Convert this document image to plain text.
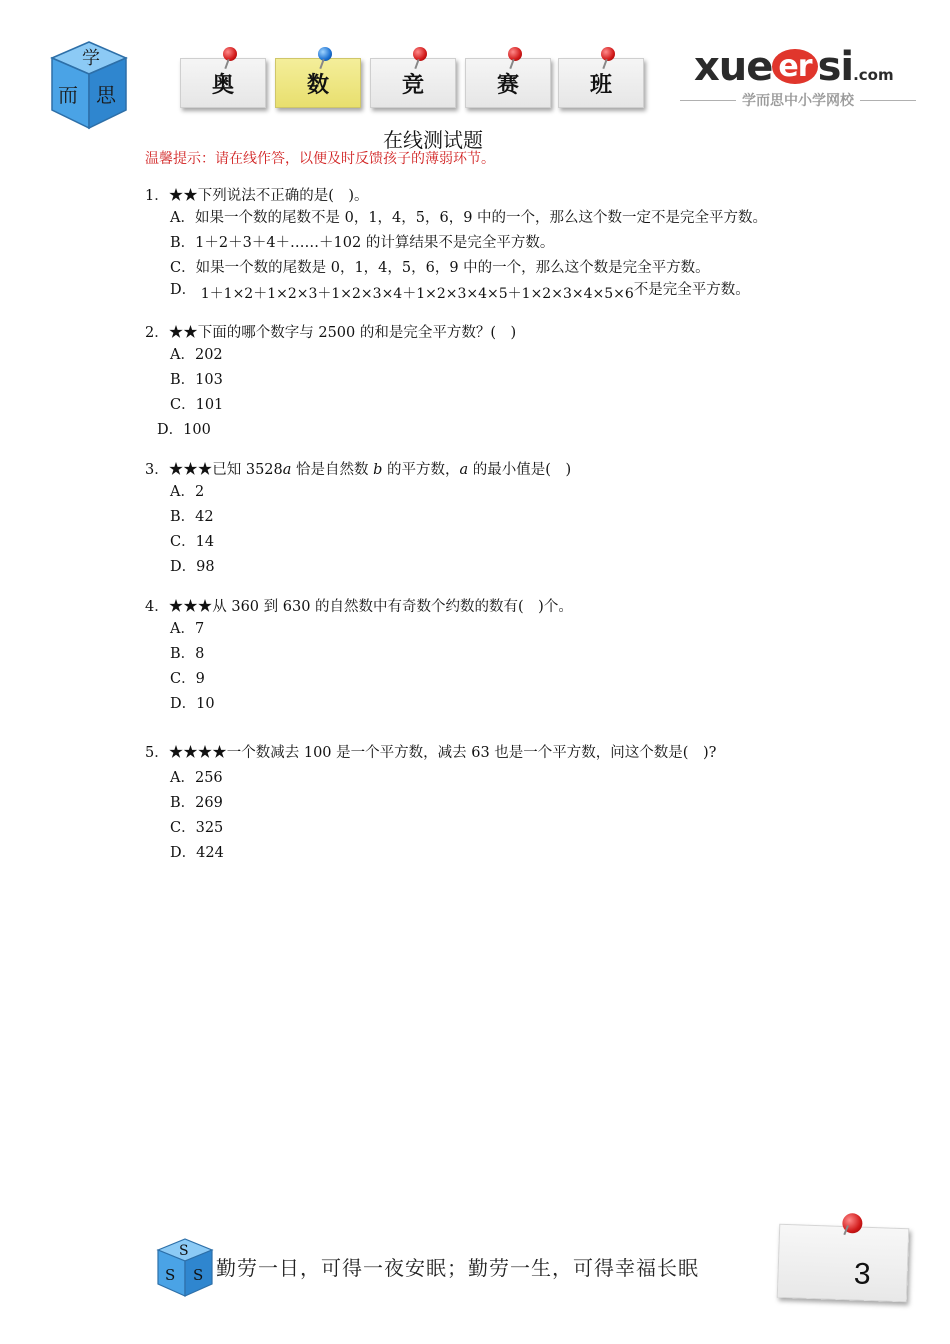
学
而 思	奥	数	竞	赛	班 xue er si.com
学而思中小学网校
在线测试题
温馨提示：请在线作答，以便及时反馈孩子的薄弱环节。
1．★★下列说法不正确的是(　)。
A．如果一个数的尾数不是 0，1，4，5，6，9 中的一个，那么这个数一定不是完全平方数。
B．1＋2＋3＋4＋……＋102 的计算结果不是完全平方数。
C．如果一个数的尾数是 0，1，4，5，6，9 中的一个，那么这个数是完全平方数。
D． 1＋1×2＋1×2×3＋1×2×3×4＋1×2×3×4×5＋1×2×3×4×5×6不是完全平方数。
2．★★下面的哪个数字与 2500 的和是完全平方数？(　)
A．202
B．103
C．101
D．100
3．★★★已知 3528a 恰是自然数 b 的平方数，a 的最小值是(　)
A．2
B．42
C．14
D．98
4．★★★从 360 到 630 的自然数中有奇数个约数的数有(　)个。
A．7
B．8
C．9
D．10
5．★★★★一个数减去 100 是一个平方数，减去 63 也是一个平方数，问这个数是(　)?
A．256
B．269
C．325
D．424
S
S S 勤劳一日，可得一夜安眠；勤劳一生，可得幸福长眠	3
